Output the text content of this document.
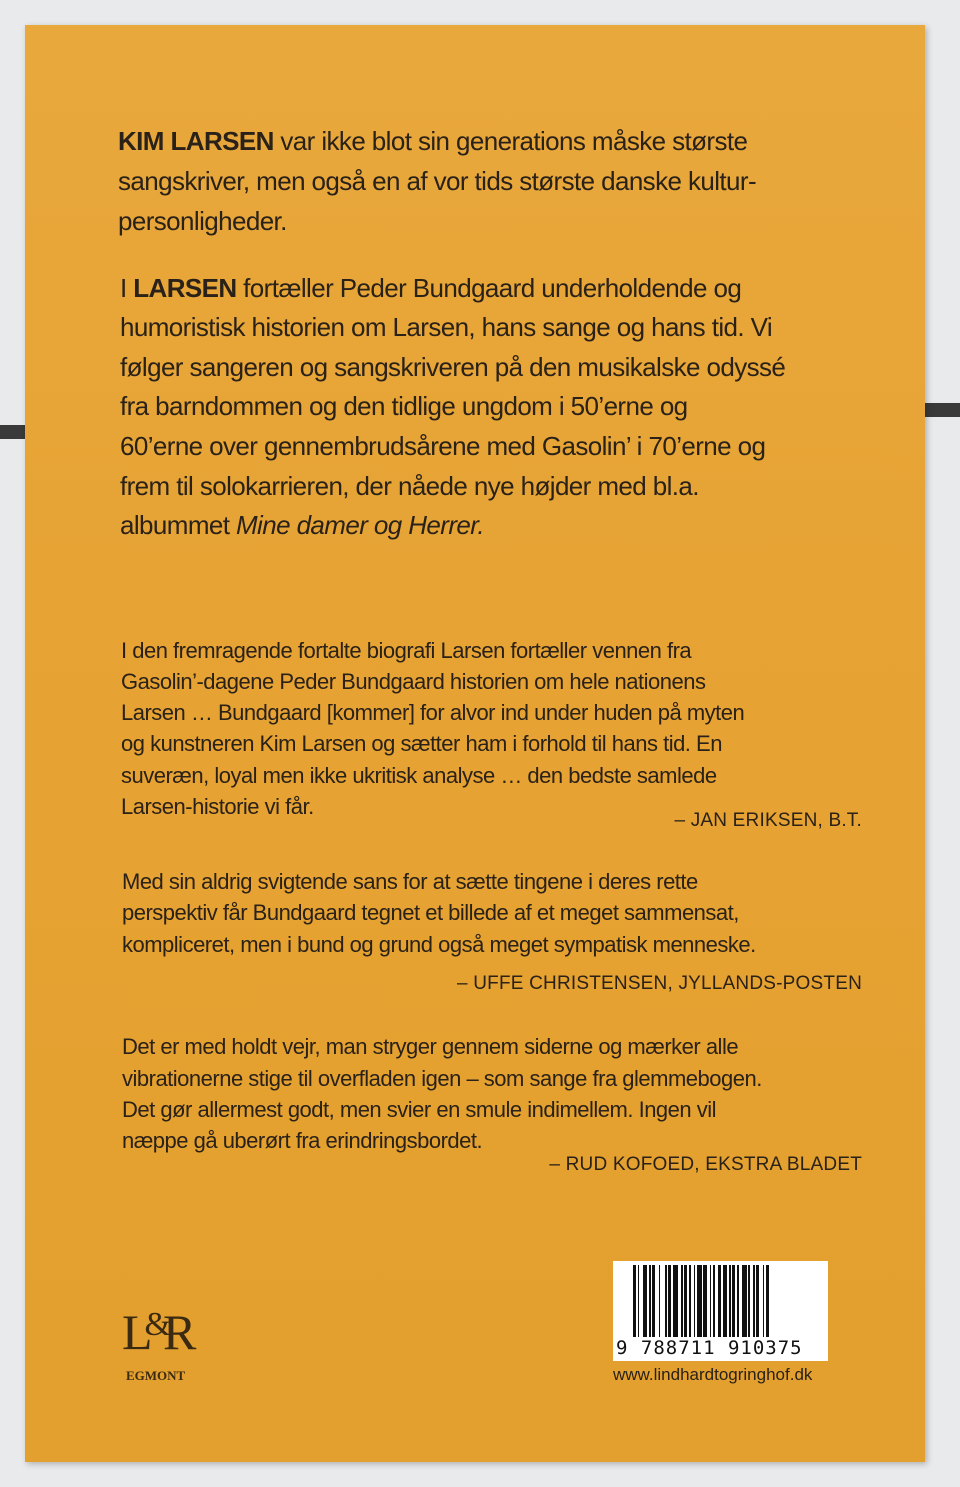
KIM LARSEN var ikke blot sin generations måske største
sangskriver, men også en af vor tids største danske kultur-
personligheder.
I LARSEN fortæller Peder Bundgaard underholdende og
humoristisk historien om Larsen, hans sange og hans tid. Vi
følger sangeren og sangskriveren på den musikalske odyssé
fra barndommen og den tidlige ungdom i 50’erne og
60’erne over gennembrudsårene med Gasolin’ i 70’erne og
frem til solokarrieren, der nåede nye højder med bl.a.
albummet Mine damer og Herrer.
I den fremragende fortalte biografi Larsen fortæller vennen fra
Gasolin’-dagene Peder Bundgaard historien om hele nationens
Larsen … Bundgaard [kommer] for alvor ind under huden på myten
og kunstneren Kim Larsen og sætter ham i forhold til hans tid. En
suveræn, loyal men ikke ukritisk analyse … den bedste samlede
Larsen-historie vi får.
– JAN ERIKSEN, B.T.
Med sin aldrig svigtende sans for at sætte tingene i deres rette
perspektiv får Bundgaard tegnet et billede af et meget sammensat,
kompliceret, men i bund og grund også meget sympatisk menneske.
– UFFE CHRISTENSEN, JYLLANDS-POSTEN
Det er med holdt vejr, man stryger gennem siderne og mærker alle
vibrationerne stige til overfladen igen – som sange fra glemmebogen.
Det gør allermest godt, men svier en smule indimellem. Ingen vil
næppe gå uberørt fra erindringsbordet.
– RUD KOFOED, EKSTRA BLADET
L&R
EGMONT
9 788711 910375
www.lindhardtogringhof.dk
